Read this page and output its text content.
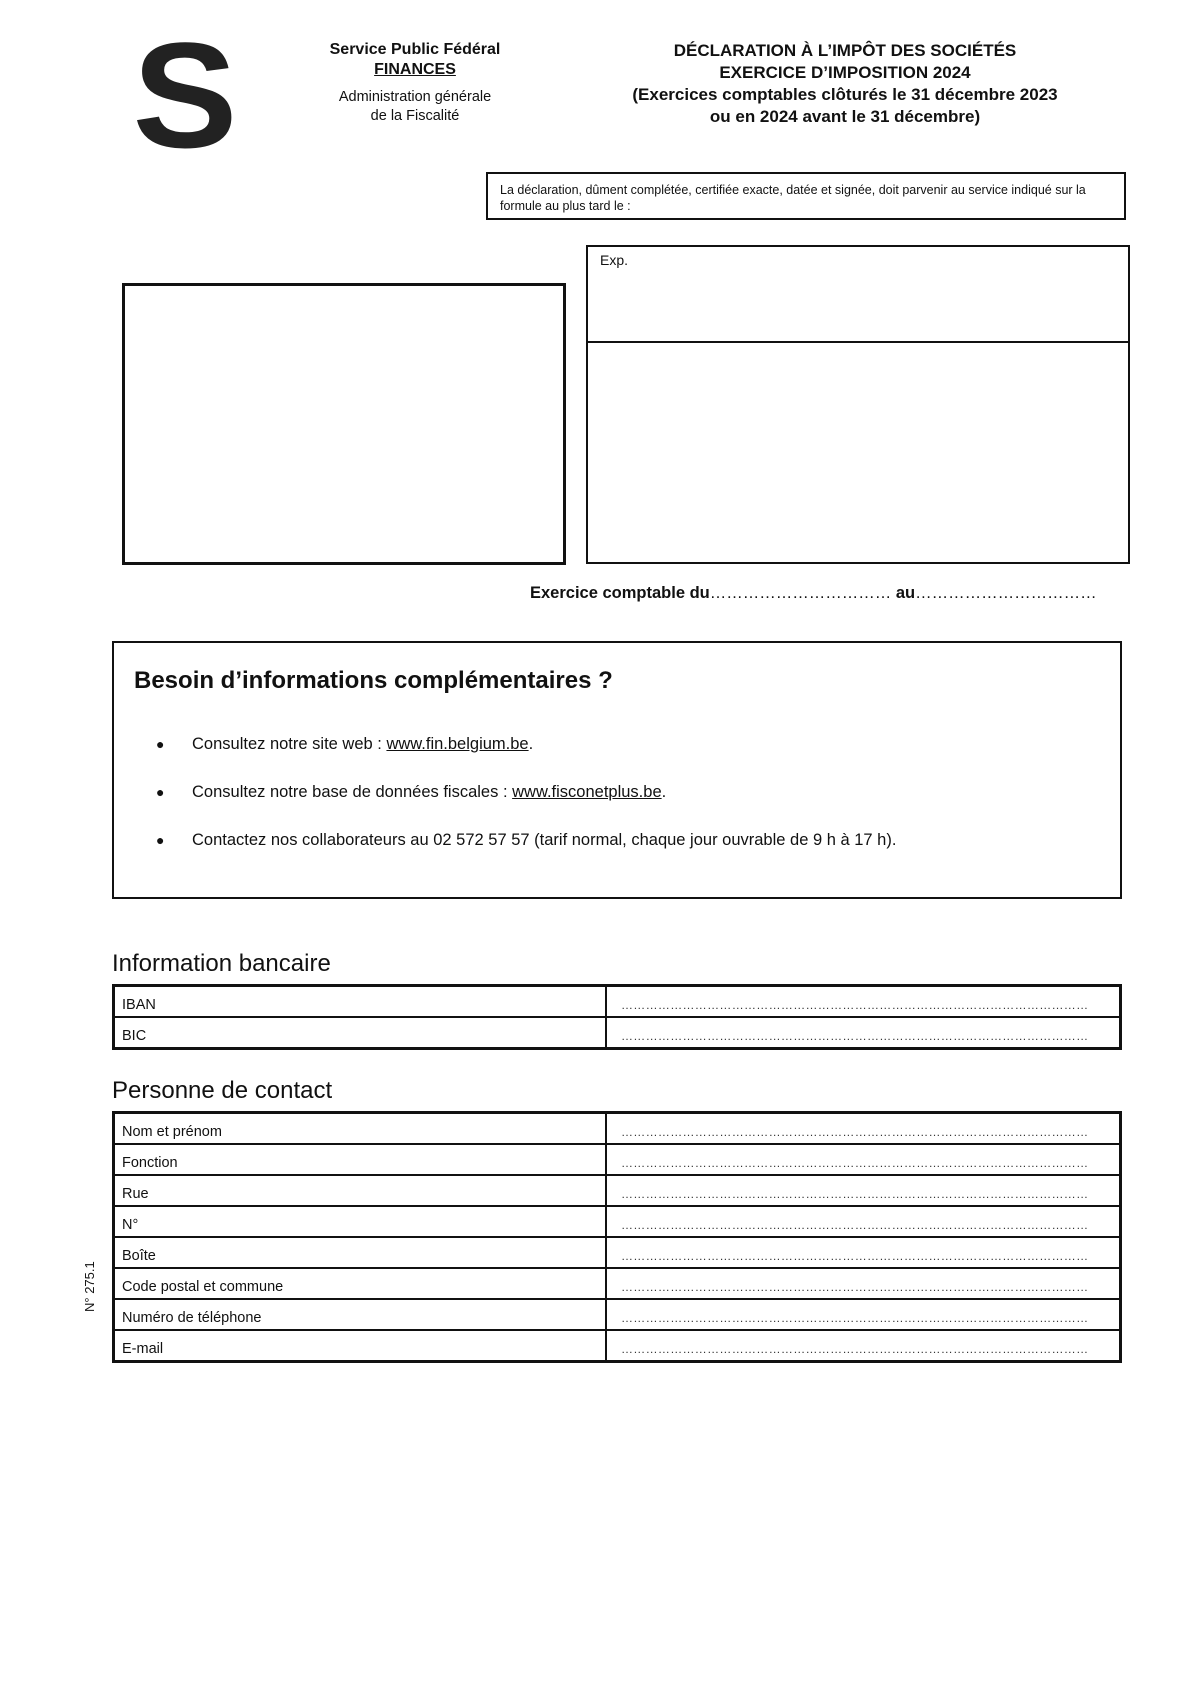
S	Service Public Fédéral
FINANCES
Administration générale
de la Fiscalité
DÉCLARATION À L’IMPÔT DES SOCIÉTÉS
EXERCICE D’IMPOSITION 2024
(Exercices comptables clôturés le 31 décembre 2023
ou en 2024 avant le 31 décembre)
La déclaration, dûment complétée, certifiée exacte, datée et signée, doit parvenir au service indiqué sur la formule au plus tard le :
Exp.
Exercice comptable du…………………………… au……………………………
Besoin d’informations complémentaires ?
● Consultez notre site web : www.fin.belgium.be.
● Consultez notre base de données fiscales : www.fisconetplus.be.
● Contactez nos collaborateurs au 02 572 57 57 (tarif normal, chaque jour ouvrable de 9 h à 17 h).
Information bancaire
IBAN	……………………………………………………………………………………………………
BIC	……………………………………………………………………………………………………
Personne de contact
Nom et prénom	……………………………………………………………………………………………………
Fonction	……………………………………………………………………………………………………
Rue	……………………………………………………………………………………………………
N°	……………………………………………………………………………………………………
Boîte	……………………………………………………………………………………………………
Code postal et commune	……………………………………………………………………………………………………
Numéro de téléphone	……………………………………………………………………………………………………
E-mail	……………………………………………………………………………………………………
N° 275.1
